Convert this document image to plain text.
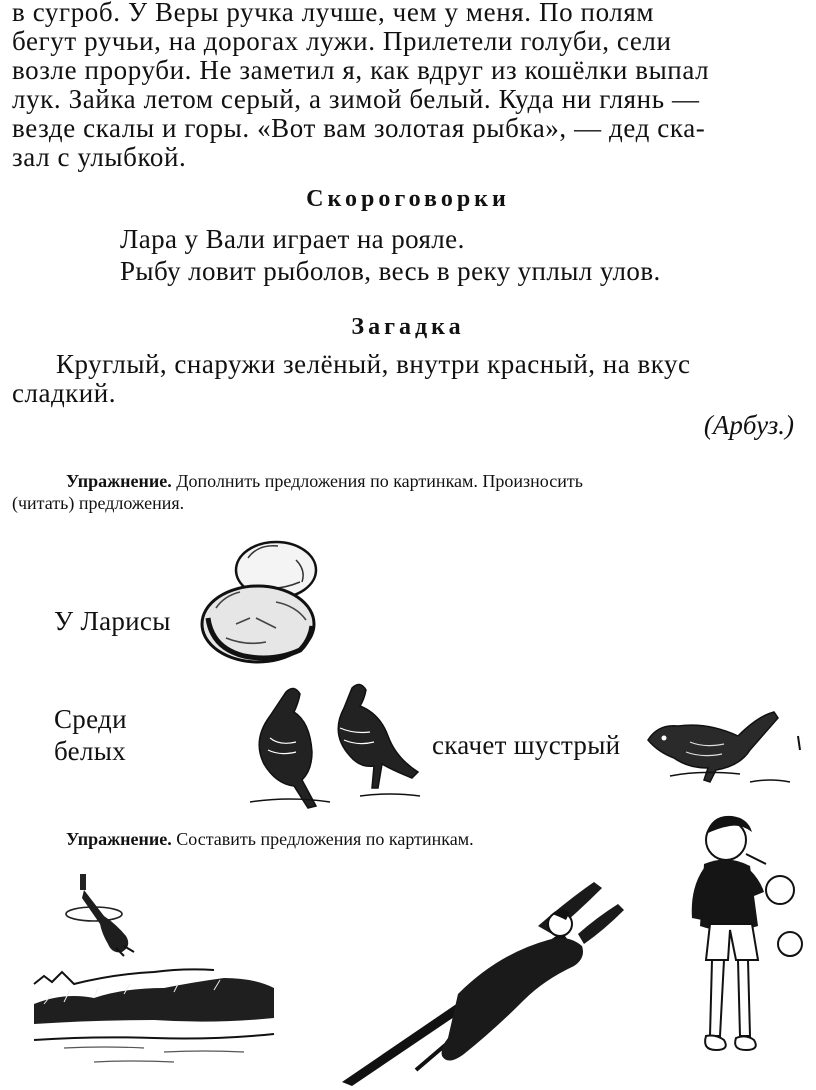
в сугроб. У Веры ручка лучше, чем у меня. По полям
бегут ручьи, на дорогах лужи. Прилетели голуби, сели
возле проруби. Не заметил я, как вдруг из кошёлки выпал
лук. Зайка летом серый, а зимой белый. Куда ни глянь —
везде скалы и горы. «Вот вам золотая рыбка», — дед ска-
зал с улыбкой.
Скороговорки
Лара у Вали играет на рояле.
Рыбу ловит рыболов, весь в реку уплыл улов.
Загадка
Круглый, снаружи зелёный, внутри красный, на вкус
сладкий.
(Арбуз.)
Упражнение. Дополнить предложения по картинкам. Произносить
(читать) предложения.
У Ларисы
Среди
белых	скачет шустрый
Упражнение. Составить предложения по картинкам.
5
